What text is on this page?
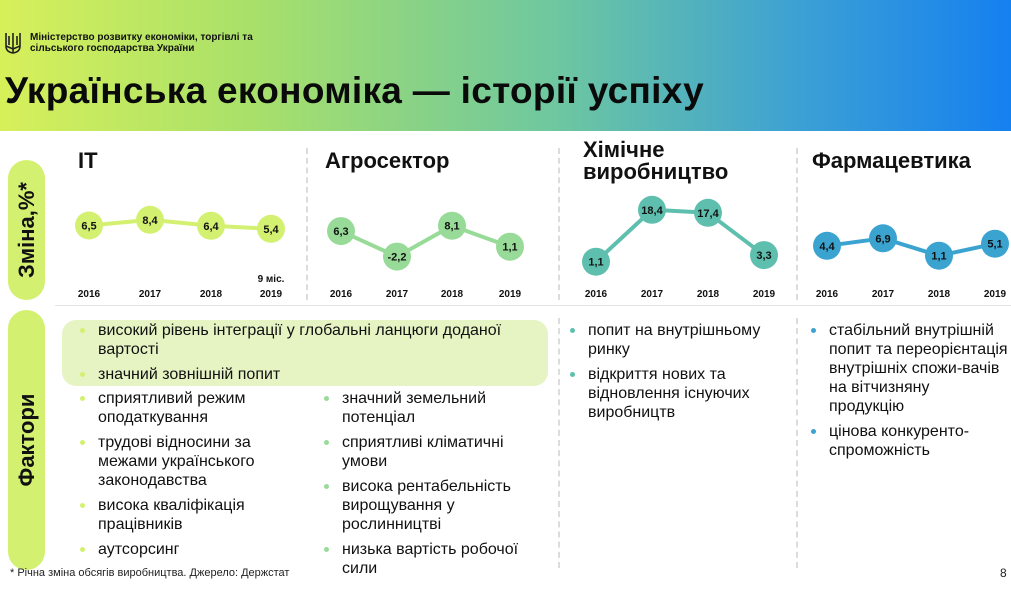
Міністерство розвитку економіки, торгівлі та сільського господарства України
Українська економіка — історії успіху
Зміна,%*
Фактори
ІТ	Агросектор	Хімічне виробництво	Фармацевтика
6,5
2016
8,4
2017
6,4
2018
5,4
2019
9 міс.
6,3
2016
-2,2
2017
8,1
2018
1,1
2019
1,1
2016
18,4
2017
17,4
2018
3,3
2019
4,4
2016
6,9
2017
1,1
2018
5,1
2019
високий рівень інтеграції у глобальні ланцюги доданої вартості
значний зовнішній попит
сприятливий режим оподаткування
трудові відносини за межами українського законодавства
висока кваліфікація працівників
аутсорсинг
значний земельний потенціал
сприятливі кліматичні умови
висока рентабельність вирощування у рослинництві
низька вартість робочої сили
попит на внутрішньому ринку
відкриття нових та відновлення існуючих виробництв
стабільний внутрішній попит та переорієнтація внутрішніх спожи-вачів на вітчизняну продукцію
цінова конкуренто-спроможність
* Річна зміна обсягів виробництва. Джерело: Держстат	8
